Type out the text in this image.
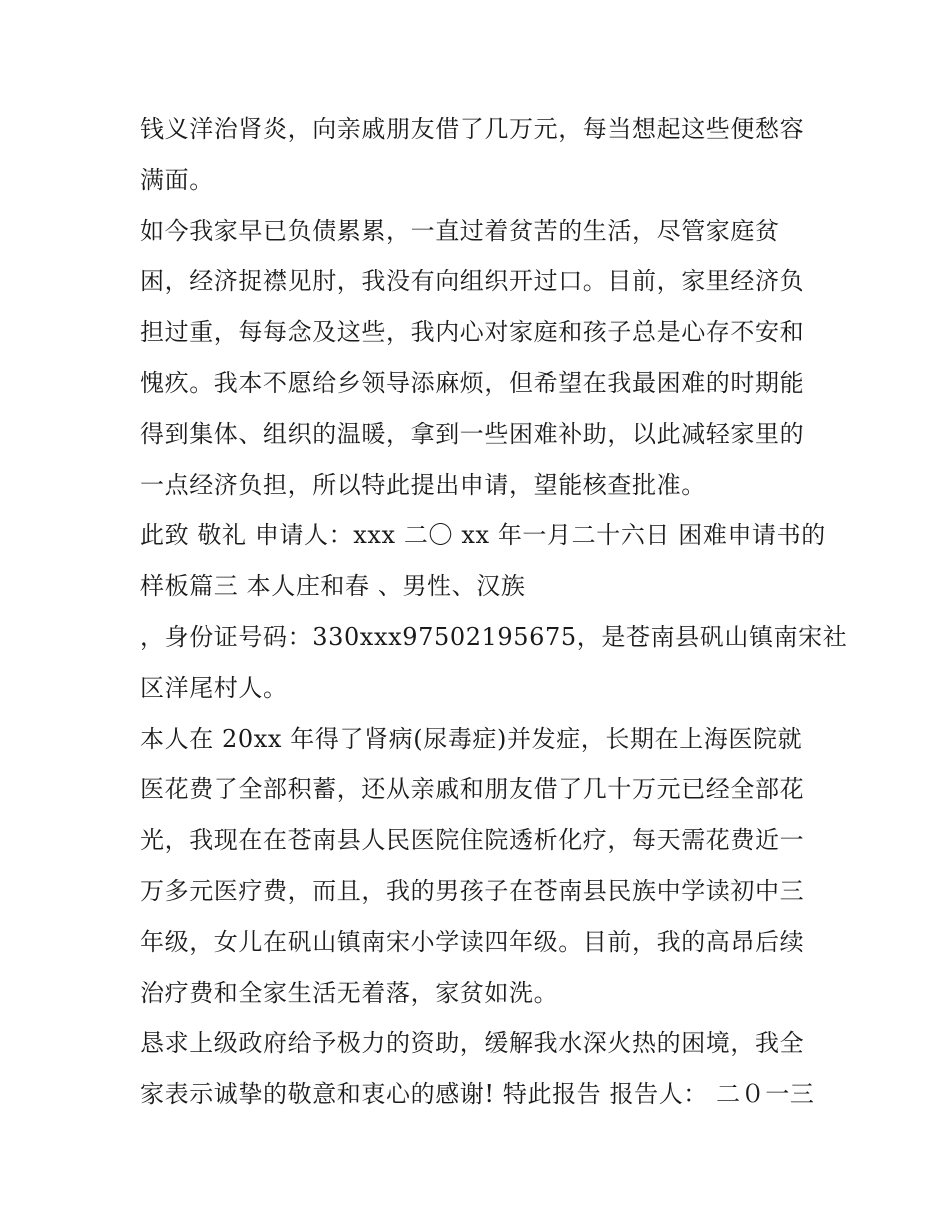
钱义洋治肾炎，向亲戚朋友借了几万元，每当想起这些便愁容
满面。
如今我家早已负债累累，一直过着贫苦的生活，尽管家庭贫
困，经济捉襟见肘，我没有向组织开过口。目前，家里经济负
担过重，每每念及这些，我内心对家庭和孩子总是心存不安和
愧疚。我本不愿给乡领导添麻烦，但希望在我最困难的时期能
得到集体、组织的温暖，拿到一些困难补助，以此减轻家里的
一点经济负担，所以特此提出申请，望能核查批准。
此致 敬礼 申请人：xxx 二〇 xx 年一月二十六日 困难申请书的
样板篇三 本人庄和春 、男性、汉族
，身份证号码：330xxx97502195675，是苍南县矾山镇南宋社
区洋尾村人。
本人在 20xx 年得了肾病(尿毒症)并发症，长期在上海医院就
医花费了全部积蓄，还从亲戚和朋友借了几十万元已经全部花
光，我现在在苍南县人民医院住院透析化疗，每天需花费近一
万多元医疗费，而且，我的男孩子在苍南县民族中学读初中三
年级，女儿在矾山镇南宋小学读四年级。目前，我的高昂后续
治疗费和全家生活无着落，家贫如洗。
恳求上级政府给予极力的资助，缓解我水深火热的困境，我全
家表示诚挚的敬意和衷心的感谢! 特此报告 报告人： 二０一三
